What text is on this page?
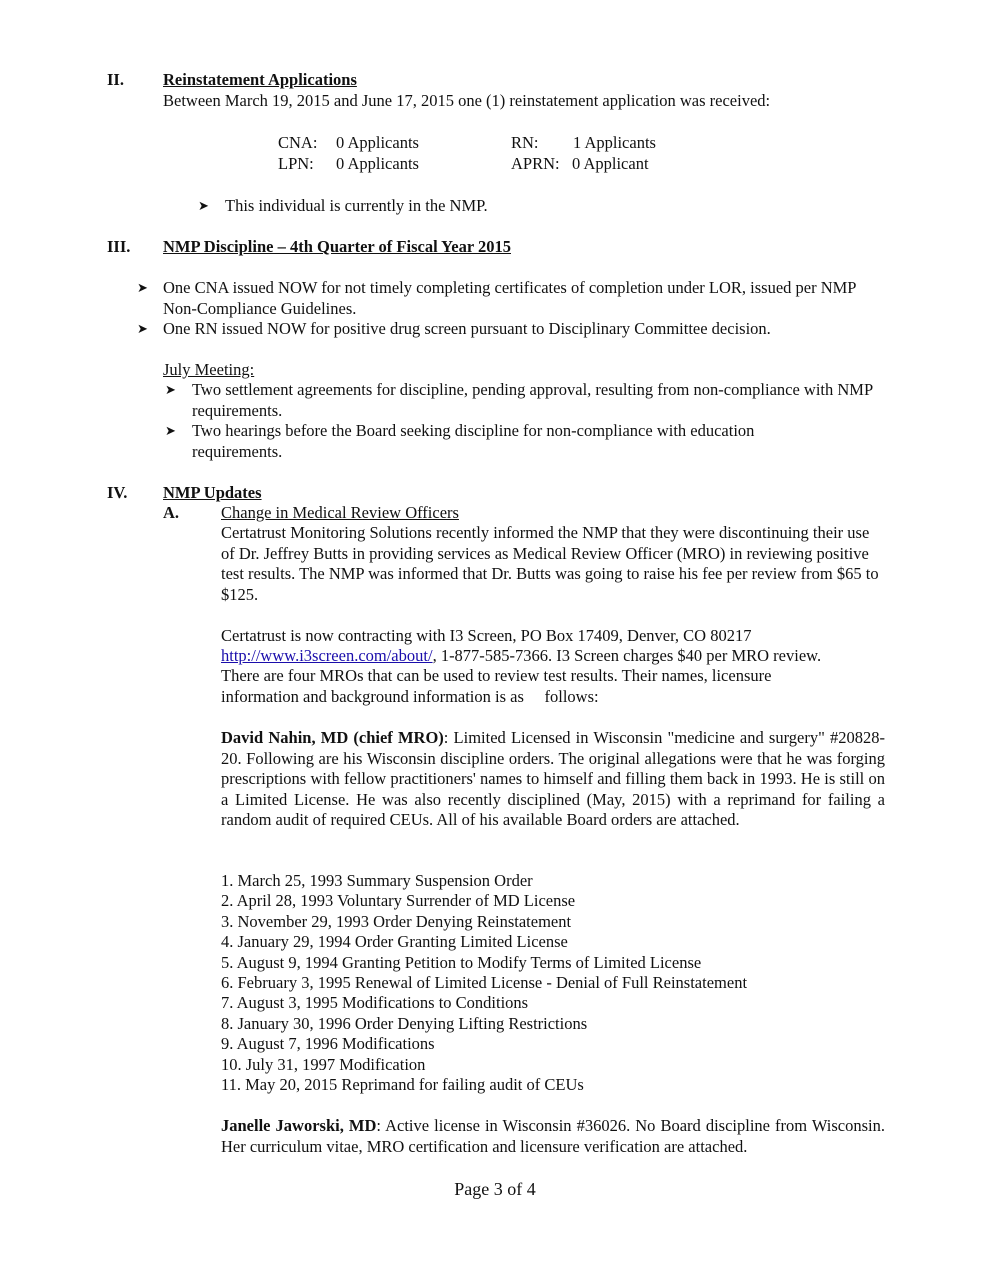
II. Reinstatement Applications
Between March 19, 2015 and June 17, 2015 one (1) reinstatement application was received:
CNA: 0 Applicants	RN: 1 Applicants
LPN: 0 Applicants	APRN: 0 Applicant
➤ This individual is currently in the NMP.
III. NMP Discipline – 4th Quarter of Fiscal Year 2015
➤ One CNA issued NOW for not timely completing certificates of completion under LOR, issued per NMP Non-Compliance Guidelines.
➤ One RN issued NOW for positive drug screen pursuant to Disciplinary Committee decision.
July Meeting:
➤ Two settlement agreements for discipline, pending approval, resulting from non-compliance with NMP requirements.
➤ Two hearings before the Board seeking discipline for non-compliance with education requirements.
IV. NMP Updates
A.	Change in Medical Review Officers
Certatrust Monitoring Solutions recently informed the NMP that they were discontinuing their use of Dr. Jeffrey Butts in providing services as Medical Review Officer (MRO) in reviewing positive test results. The NMP was informed that Dr. Butts was going to raise his fee per review from $65 to $125.
Certatrust is now contracting with I3 Screen, PO Box 17409, Denver, CO 80217
http://www.i3screen.com/about/, 1-877-585-7366. I3 Screen charges $40 per MRO review.
There are four MROs that can be used to review test results. Their names, licensure
information and background information is as     follows:
David Nahin, MD (chief MRO): Limited Licensed in Wisconsin "medicine and surgery" #20828-20. Following are his Wisconsin discipline orders. The original allegations were that he was forging prescriptions with fellow practitioners' names to himself and filling them back in 1993. He is still on a Limited License. He was also recently disciplined (May, 2015) with a reprimand for failing a random audit of required CEUs. All of his available Board orders are attached.
1. March 25, 1993 Summary Suspension Order
2. April 28, 1993 Voluntary Surrender of MD License
3. November 29, 1993 Order Denying Reinstatement
4. January 29, 1994 Order Granting Limited License
5. August 9, 1994 Granting Petition to Modify Terms of Limited License
6. February 3, 1995 Renewal of Limited License - Denial of Full Reinstatement
7. August 3, 1995 Modifications to Conditions
8. January 30, 1996 Order Denying Lifting Restrictions
9. August 7, 1996 Modifications
10. July 31, 1997 Modification
11. May 20, 2015 Reprimand for failing audit of CEUs
Janelle Jaworski, MD: Active license in Wisconsin #36026. No Board discipline from Wisconsin. Her curriculum vitae, MRO certification and licensure verification are attached.
Page 3 of 4
